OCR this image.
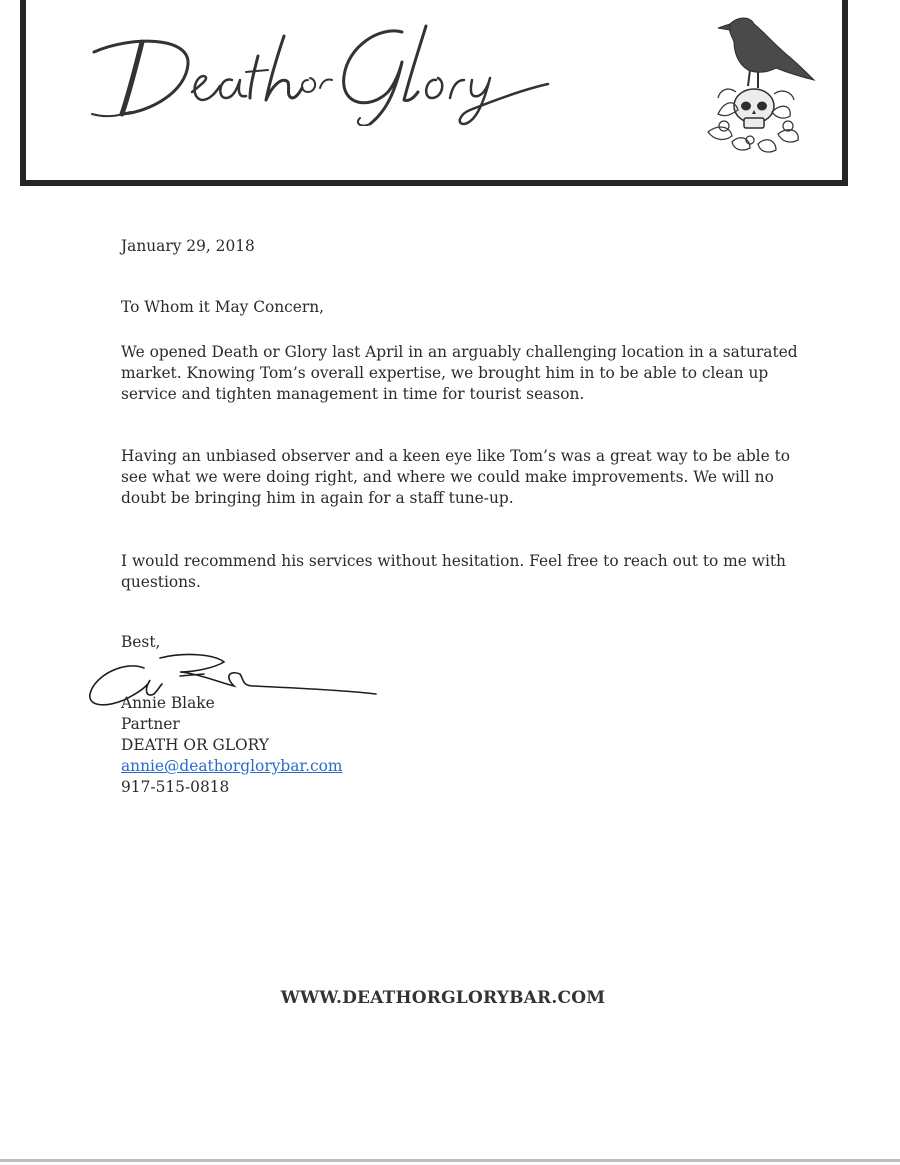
January 29, 2018
To Whom it May Concern,
We opened Death or Glory last April in an arguably challenging location in a saturated market. Knowing Tom’s overall expertise, we brought him in to be able to clean up service and tighten management in time for tourist season.
Having an unbiased observer and a keen eye like Tom’s was a great way to be able to see what we were doing right, and where we could make improvements. We will no doubt be bringing him in again for a staff tune-up.
I would recommend his services without hesitation. Feel free to reach out to me with questions.
Best,
Annie Blake
Partner
DEATH OR GLORY
annie@deathorglorybar.com
917-515-0818
WWW.DEATHORGLORYBAR.COM
